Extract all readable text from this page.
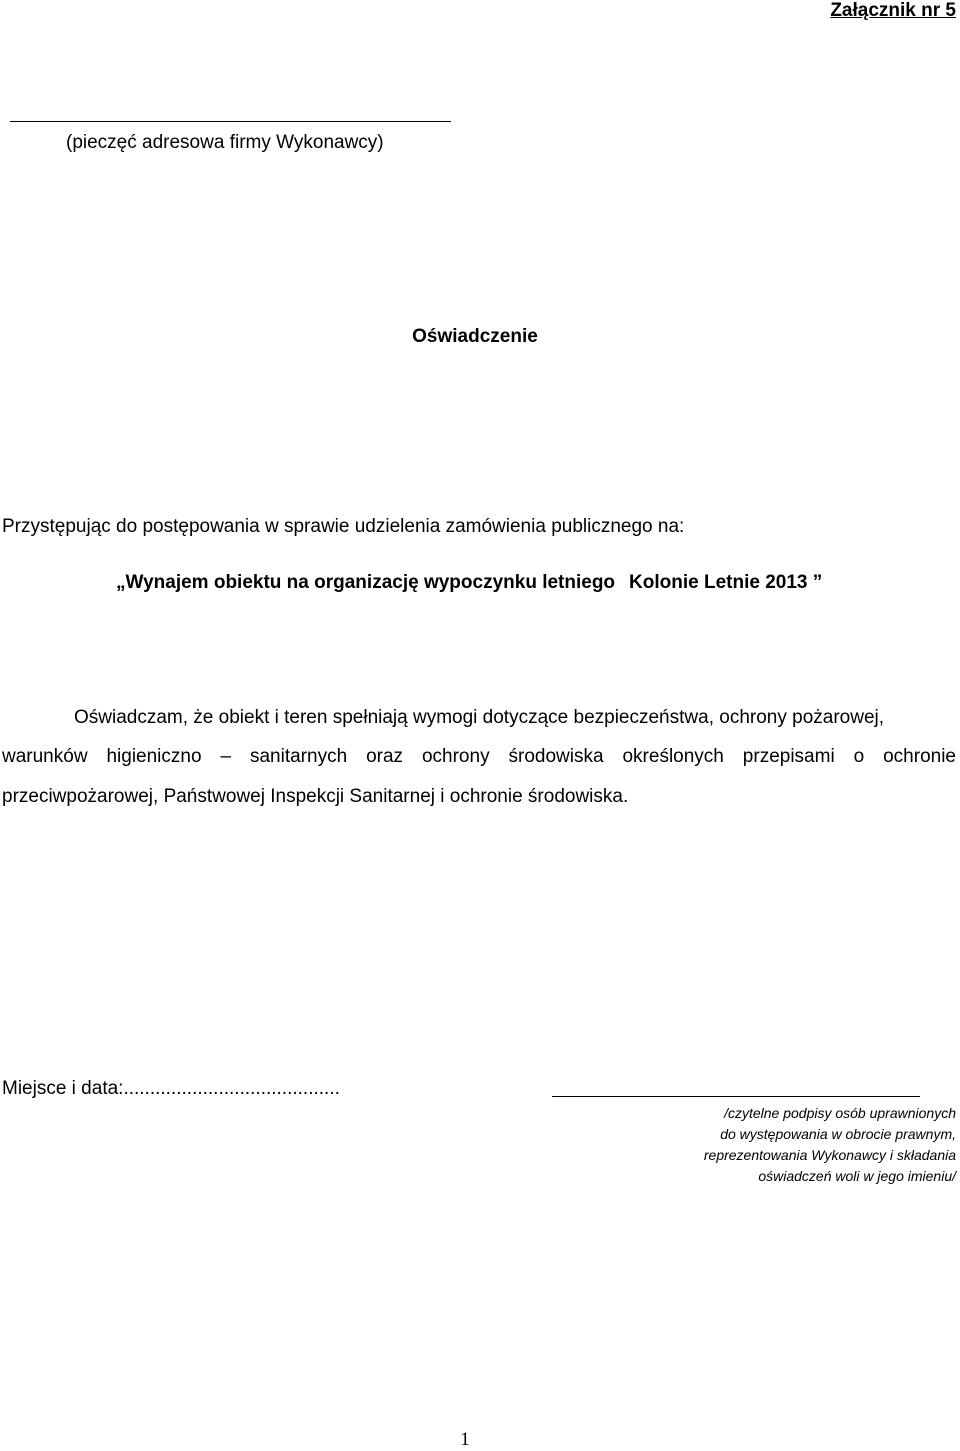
Załącznik nr 5
(pieczęć adresowa firmy Wykonawcy)
Oświadczenie
Przystępując do postępowania w sprawie udzielenia zamówienia publicznego na:
„Wynajem obiektu na organizację wypoczynku letniego Kolonie Letnie 2013 ”
Oświadczam, że obiekt i teren spełniają wymogi dotyczące bezpieczeństwa, ochrony pożarowej,
warunków higieniczno – sanitarnych oraz ochrony środowiska określonych przepisami o ochronie
przeciwpożarowej, Państwowej Inspekcji Sanitarnej i ochronie środowiska.
Miejsce i data:.........................................
/czytelne podpisy osób uprawnionych
do występowania w obrocie prawnym,
reprezentowania Wykonawcy i składania
oświadczeń woli w jego imieniu/
1
